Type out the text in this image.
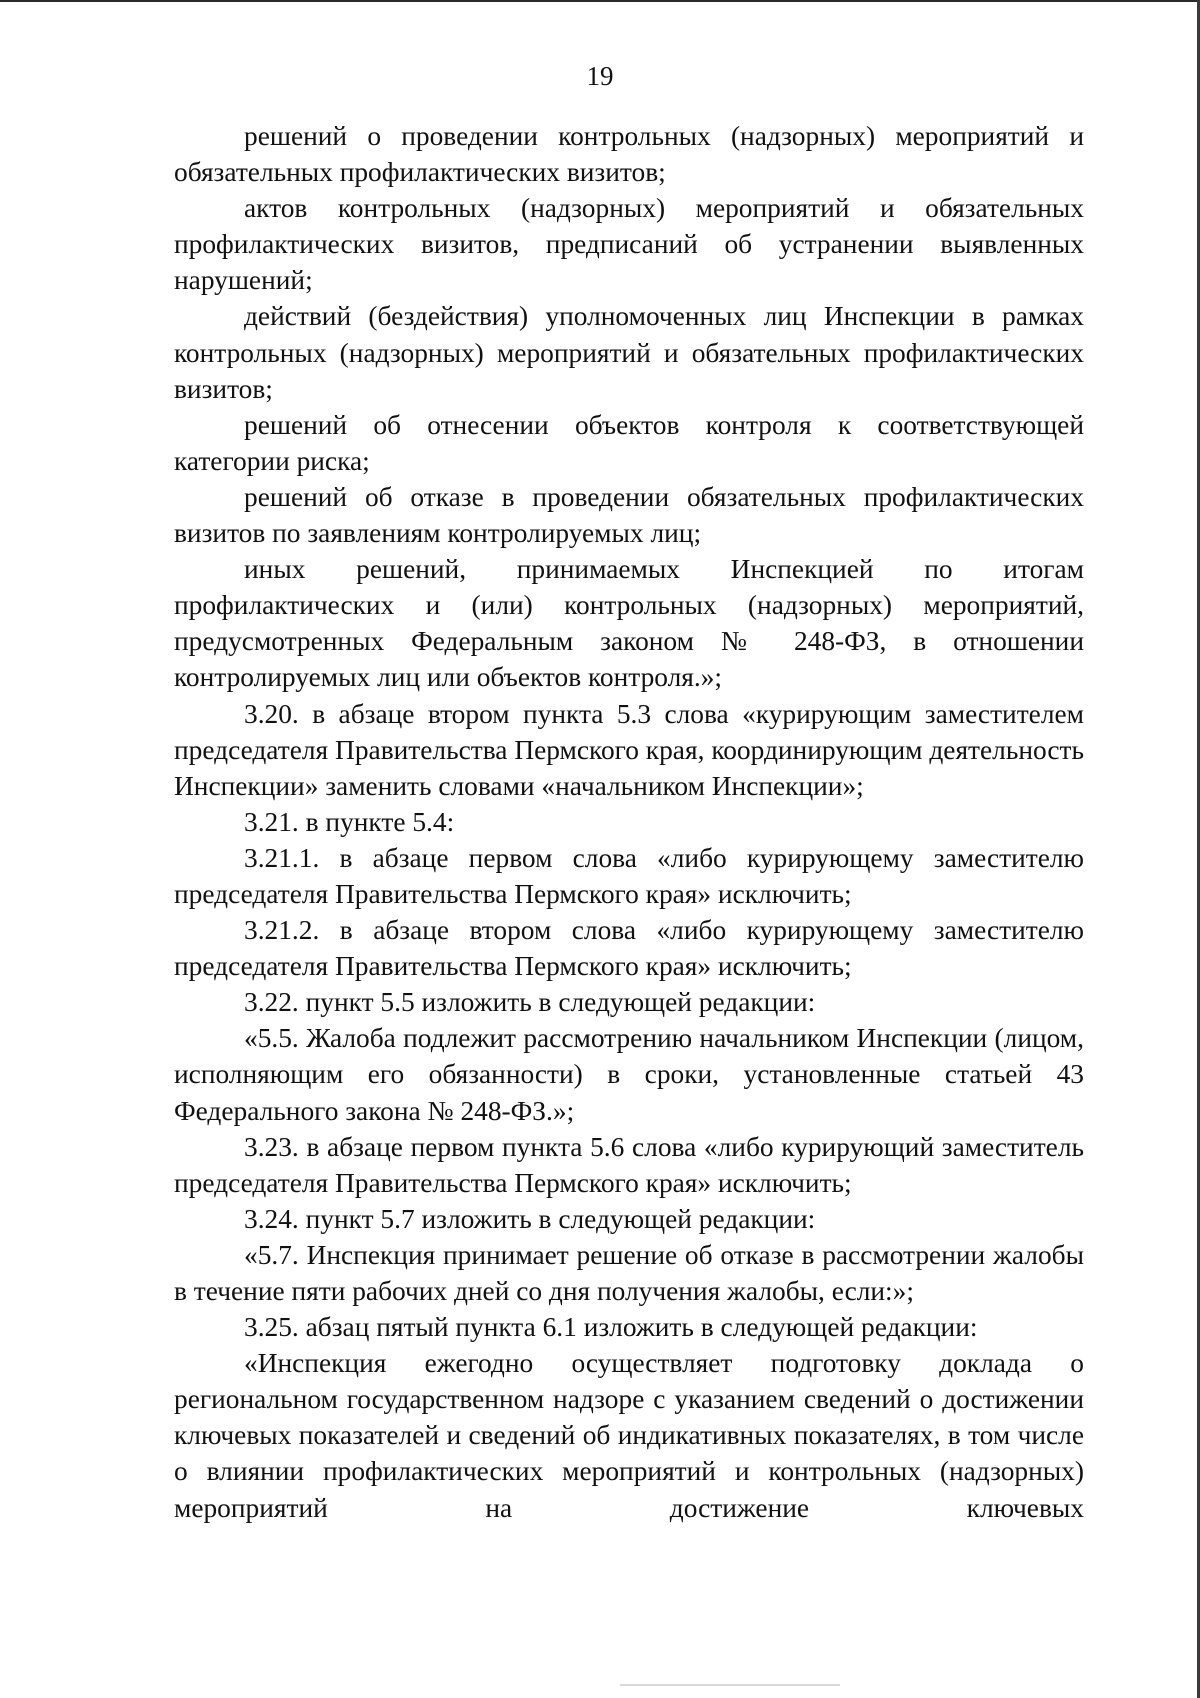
19

решений о проведении контрольных (надзорных) мероприятий и обязательных профилактических визитов;

актов контрольных (надзорных) мероприятий и обязательных профилактических визитов, предписаний об устранении выявленных нарушений;

действий (бездействия) уполномоченных лиц Инспекции в рамках контрольных (надзорных) мероприятий и обязательных профилактических визитов;

решений об отнесении объектов контроля к соответствующей категории риска;

решений об отказе в проведении обязательных профилактических визитов по заявлениям контролируемых лиц;

иных решений, принимаемых Инспекцией по итогам профилактических и (или) контрольных (надзорных) мероприятий, предусмотренных Федеральным законом № 248-ФЗ, в отношении контролируемых лиц или объектов контроля.»;

3.20. в абзаце втором пункта 5.3 слова «курирующим заместителем председателя Правительства Пермского края, координирующим деятельность Инспекции» заменить словами «начальником Инспекции»;

3.21. в пункте 5.4:

3.21.1. в абзаце первом слова «либо курирующему заместителю председателя Правительства Пермского края» исключить;

3.21.2. в абзаце втором слова «либо курирующему заместителю председателя Правительства Пермского края» исключить;

3.22. пункт 5.5 изложить в следующей редакции:

«5.5. Жалоба подлежит рассмотрению начальником Инспекции (лицом, исполняющим его обязанности) в сроки, установленные статьей 43 Федерального закона № 248-ФЗ.»;

3.23. в абзаце первом пункта 5.6 слова «либо курирующий заместитель председателя Правительства Пермского края» исключить;

3.24. пункт 5.7 изложить в следующей редакции:

«5.7. Инспекция принимает решение об отказе в рассмотрении жалобы в течение пяти рабочих дней со дня получения жалобы, если:»;

3.25. абзац пятый пункта 6.1 изложить в следующей редакции:

«Инспекция ежегодно осуществляет подготовку доклада о региональном государственном надзоре с указанием сведений о достижении ключевых показателей и сведений об индикативных показателях, в том числе о влиянии профилактических мероприятий и контрольных (надзорных) мероприятий на достижение ключевых
